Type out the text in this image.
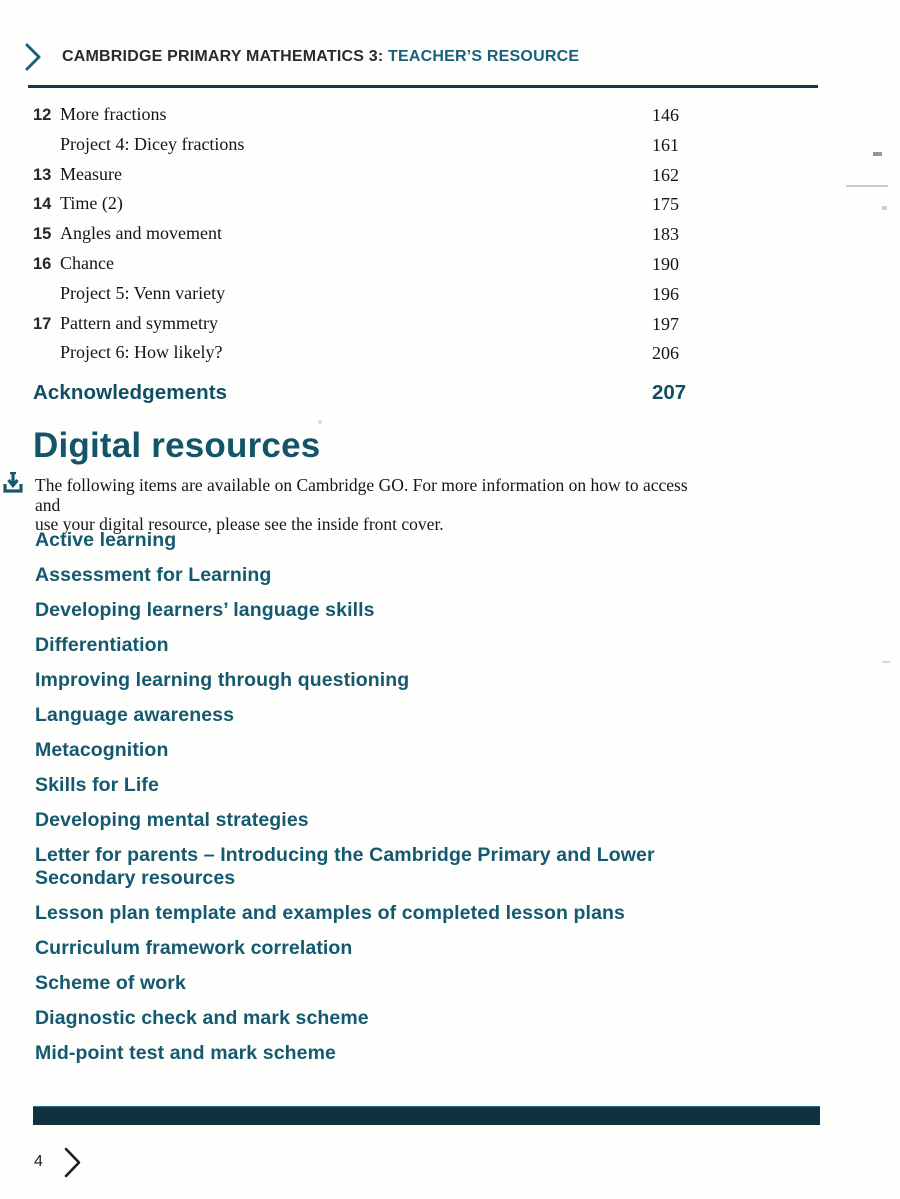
CAMBRIDGE PRIMARY MATHEMATICS 3: TEACHER’S RESOURCE
12 More fractions	146
Project 4: Dicey fractions	161
13 Measure	162
14 Time (2)	175
15 Angles and movement	183
16 Chance	190
Project 5: Venn variety	196
17 Pattern and symmetry	197
Project 6: How likely?	206
Acknowledgements	207
Digital resources
The following items are available on Cambridge GO. For more information on how to access and
use your digital resource, please see the inside front cover.
Active learning
Assessment for Learning
Developing learners’ language skills
Differentiation
Improving learning through questioning
Language awareness
Metacognition
Skills for Life
Developing mental strategies
Letter for parents – Introducing the Cambridge Primary and Lower Secondary resources
Lesson plan template and examples of completed lesson plans
Curriculum framework correlation
Scheme of work
Diagnostic check and mark scheme
Mid-point test and mark scheme
4
